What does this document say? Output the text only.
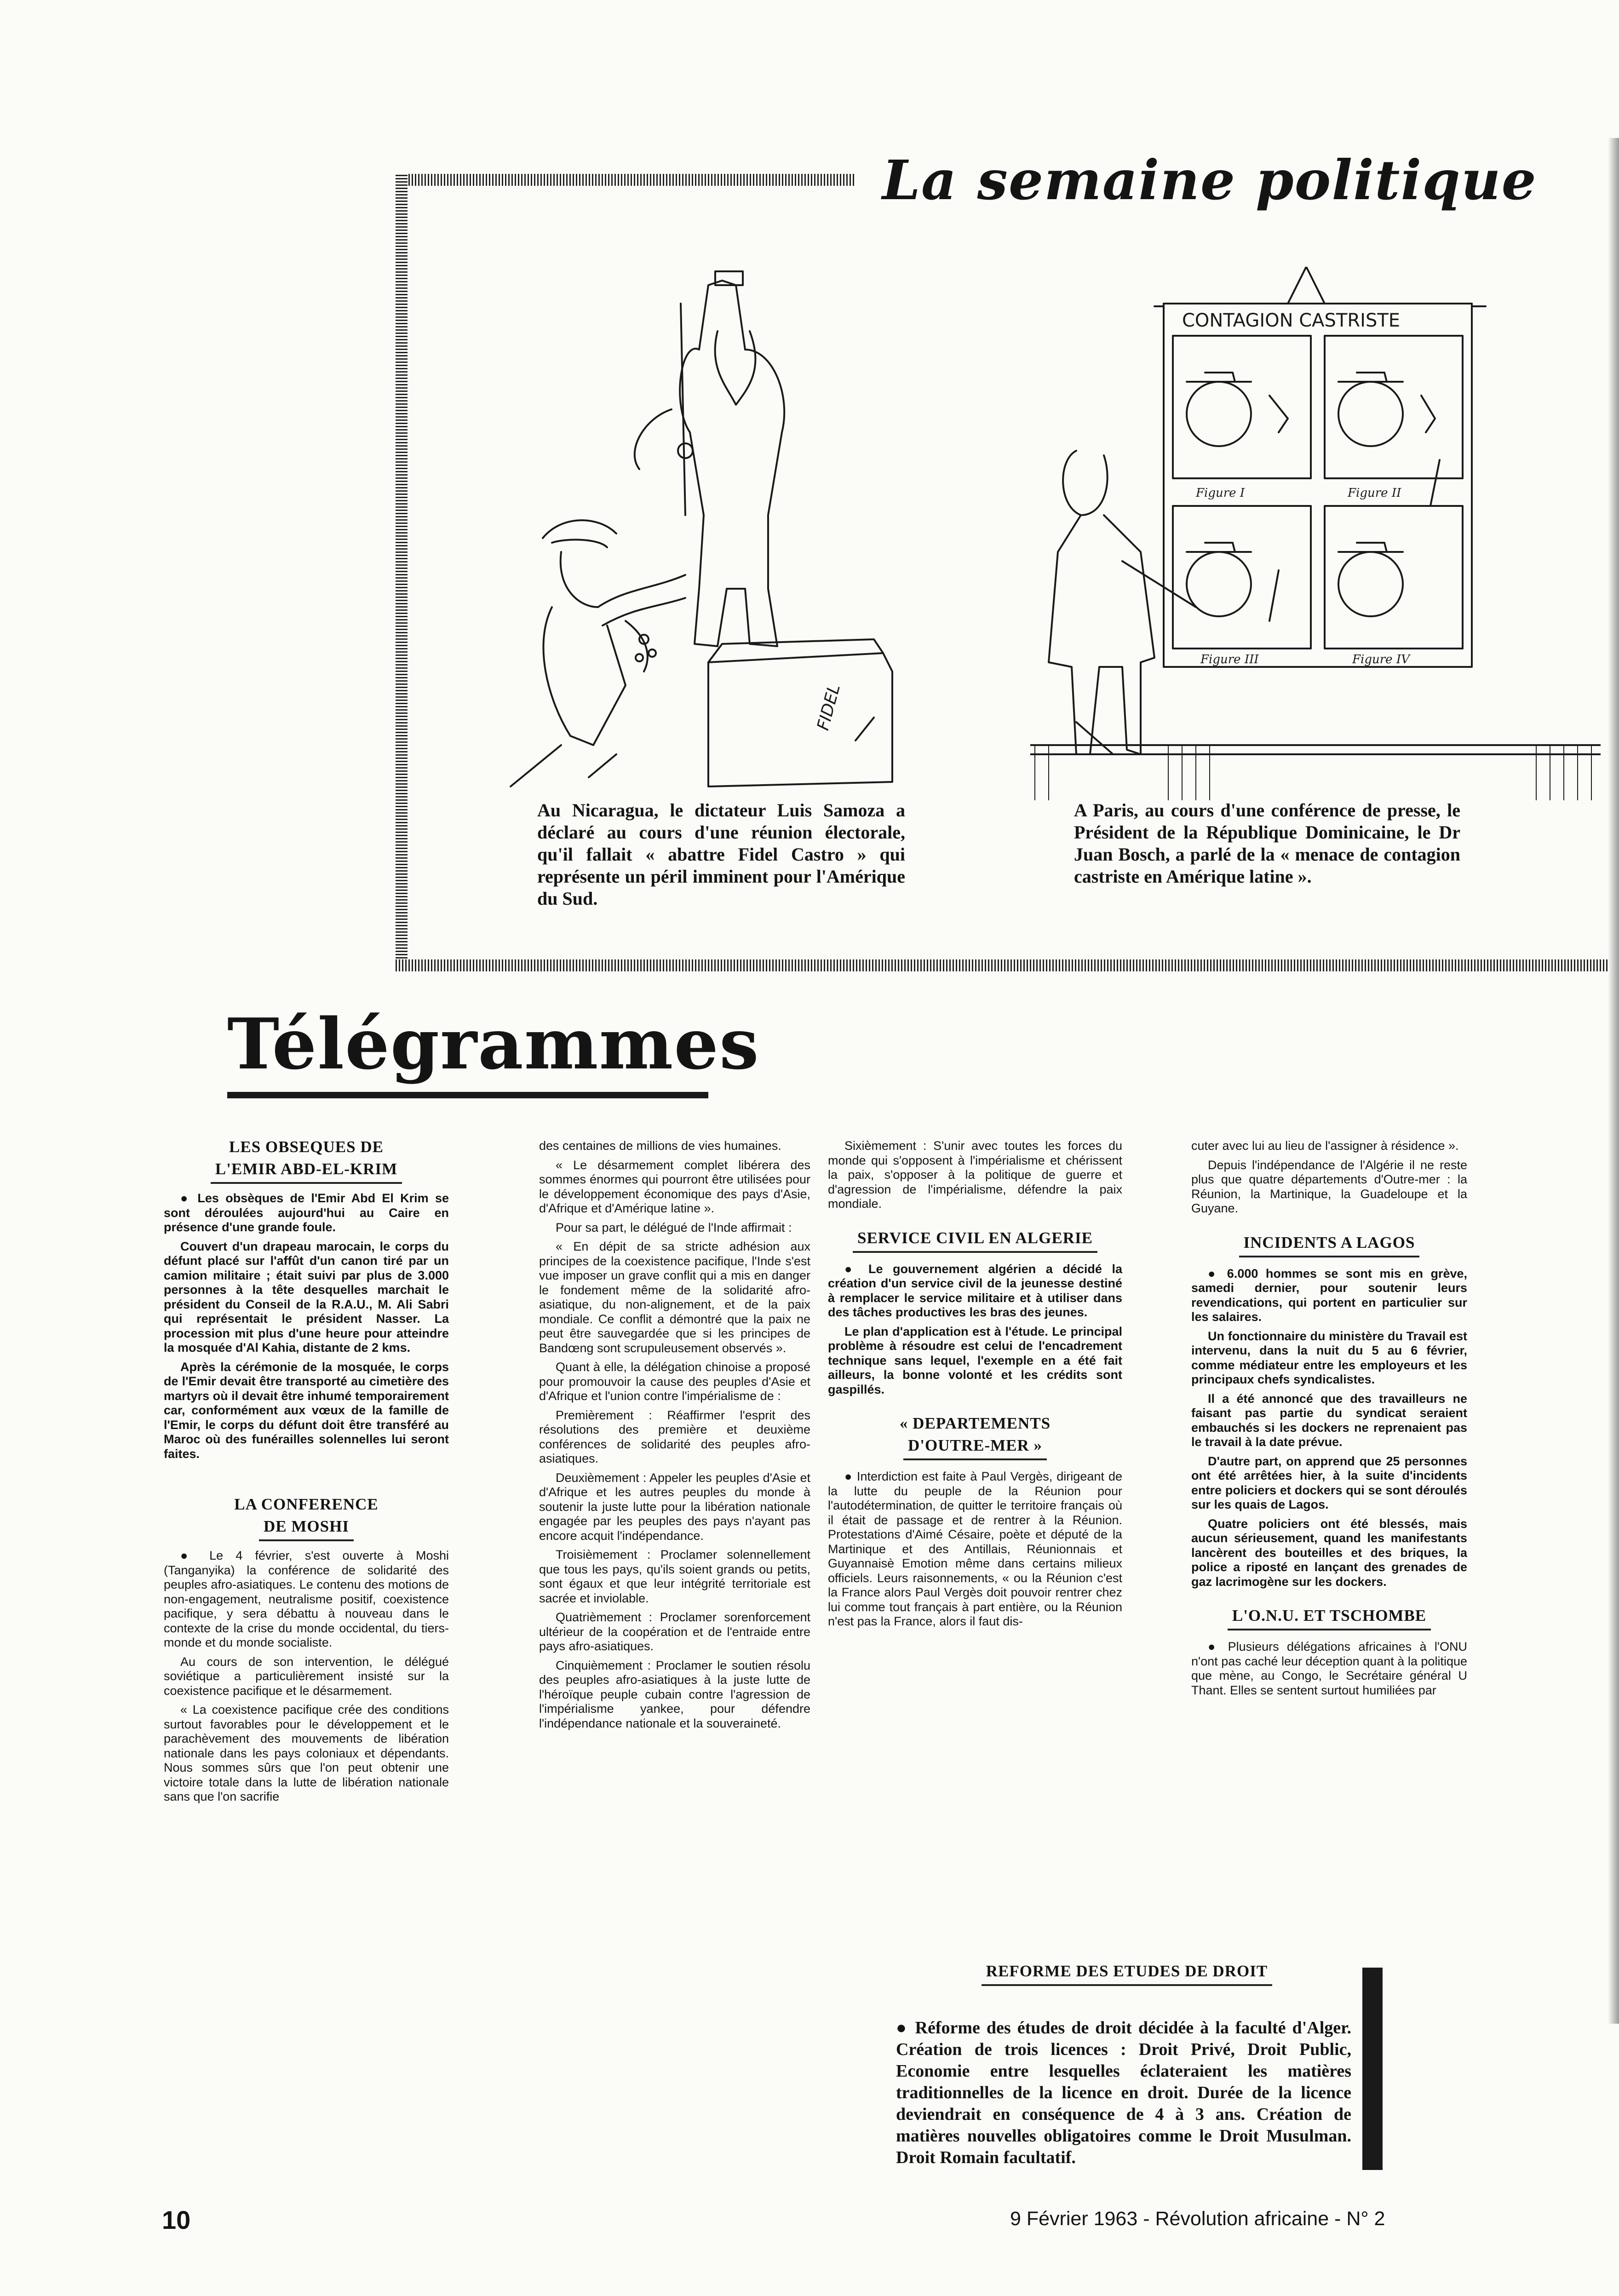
La semaine politique
FIDEL
CONTAGION CASTRISTE
Figure I	Figure II
Figure III	Figure IV
Au Nicaragua, le dictateur Luis Samoza a déclaré au cours d'une réunion électorale, qu'il fallait « abattre Fidel Castro » qui représente un péril imminent pour l'Amérique du Sud.
A Paris, au cours d'une conférence de presse, le Président de la République Dominicaine, le Dr Juan Bosch, a parlé de la « menace de contagion castriste en Amérique latine ».
Télégrammes
LES OBSEQUES DE
L'EMIR ABD-EL-KRIM

● Les obsèques de l'Emir Abd El Krim se sont déroulées aujourd'hui au Caire en présence d'une grande foule.

Couvert d'un drapeau marocain, le corps du défunt placé sur l'affût d'un canon tiré par un camion militaire ; était suivi par plus de 3.000 personnes à la tête desquelles marchait le président du Conseil de la R.A.U., M. Ali Sabri qui représentait le président Nasser. La procession mit plus d'une heure pour atteindre la mosquée d'Al Kahia, distante de 2 kms.

Après la cérémonie de la mosquée, le corps de l'Emir devait être transporté au cimetière des martyrs où il devait être inhumé temporairement car, conformément aux vœux de la famille de l'Emir, le corps du défunt doit être transféré au Maroc où des funérailles solennelles lui seront faites.

LA CONFERENCE
DE MOSHI

● Le 4 février, s'est ouverte à Moshi (Tanganyika) la conférence de solidarité des peuples afro-asiatiques. Le contenu des motions de non-engagement, neutralisme positif, coexistence pacifique, y sera débattu à nouveau dans le contexte de la crise du monde occidental, du tiers-monde et du monde socialiste.

Au cours de son intervention, le délégué soviétique a particulièrement insisté sur la coexistence pacifique et le désarmement.

« La coexistence pacifique crée des conditions surtout favorables pour le développement et le parachèvement des mouvements de libération nationale dans les pays coloniaux et dépendants. Nous sommes sûrs que l'on peut obtenir une victoire totale dans la lutte de libération nationale sans que l'on sacrifie

des centaines de millions de vies humaines.

« Le désarmement complet libérera des sommes énormes qui pourront être utilisées pour le développement économique des pays d'Asie, d'Afrique et d'Amérique latine ».

Pour sa part, le délégué de l'Inde affirmait :

« En dépit de sa stricte adhésion aux principes de la coexistence pacifique, l'Inde s'est vue imposer un grave conflit qui a mis en danger le fondement même de la solidarité afro-asiatique, du non-alignement, et de la paix mondiale. Ce conflit a démontré que la paix ne peut être sauvegardée que si les principes de Bandœng sont scrupuleusement observés ».

Quant à elle, la délégation chinoise a proposé pour promouvoir la cause des peuples d'Asie et d'Afrique et l'union contre l'impérialisme de :

Premièrement : Réaffirmer l'esprit des résolutions des première et deuxième conférences de solidarité des peuples afro-asiatiques.

Deuxièmement : Appeler les peuples d'Asie et d'Afrique et les autres peuples du monde à soutenir la juste lutte pour la libération nationale engagée par les peuples des pays n'ayant pas encore acquit l'indépendance.

Troisièmement : Proclamer solennellement que tous les pays, qu'ils soient grands ou petits, sont égaux et que leur intégrité territoriale est sacrée et inviolable.

Quatrièmement : Proclamer sorenforcement ultérieur de la coopération et de l'entraide entre pays afro-asiatiques.

Cinquièmement : Proclamer le soutien résolu des peuples afro-asiatiques à la juste lutte de l'héroïque peuple cubain contre l'agression de l'impérialisme yankee, pour défendre l'indépendance nationale et la souveraineté.

Sixièmement : S'unir avec toutes les forces du monde qui s'opposent à l'impérialisme et chérissent la paix, s'opposer à la politique de guerre et d'agression de l'impérialisme, défendre la paix mondiale.

SERVICE CIVIL EN ALGERIE

● Le gouvernement algérien a décidé la création d'un service civil de la jeunesse destiné à remplacer le service militaire et à utiliser dans des tâches productives les bras des jeunes.

Le plan d'application est à l'étude. Le principal problème à résoudre est celui de l'encadrement technique sans lequel, l'exemple en a été fait ailleurs, la bonne volonté et les crédits sont gaspillés.

« DEPARTEMENTS
D'OUTRE-MER »

● Interdiction est faite à Paul Vergès, dirigeant de la lutte du peuple de la Réunion pour l'autodétermination, de quitter le territoire français où il était de passage et de rentrer à la Réunion. Protestations d'Aimé Césaire, poète et député de la Martinique et des Antillais, Réunionnais et Guyannaisè Emotion même dans certains milieux officiels. Leurs raisonnements, « ou la Réunion c'est la France alors Paul Vergès doit pouvoir rentrer chez lui comme tout français à part entière, ou la Réunion n'est pas la France, alors il faut dis-

cuter avec lui au lieu de l'assigner à résidence ».

Depuis l'indépendance de l'Algérie il ne reste plus que quatre départements d'Outre-mer : la Réunion, la Martinique, la Guadeloupe et la Guyane.

INCIDENTS A LAGOS

● 6.000 hommes se sont mis en grève, samedi dernier, pour soutenir leurs revendications, qui portent en particulier sur les salaires.

Un fonctionnaire du ministère du Travail est intervenu, dans la nuit du 5 au 6 février, comme médiateur entre les employeurs et les principaux chefs syndicalistes.

Il a été annoncé que des travailleurs ne faisant pas partie du syndicat seraient embauchés si les dockers ne reprenaient pas le travail à la date prévue.

D'autre part, on apprend que 25 personnes ont été arrêtées hier, à la suite d'incidents entre policiers et dockers qui se sont déroulés sur les quais de Lagos.

Quatre policiers ont été blessés, mais aucun sérieusement, quand les manifestants lancèrent des bouteilles et des briques, la police a riposté en lançant des grenades de gaz lacrimogène sur les dockers.

L'O.N.U. ET TSCHOMBE

● Plusieurs délégations africaines à l'ONU n'ont pas caché leur déception quant à la politique que mène, au Congo, le Secrétaire général U Thant. Elles se sentent surtout humiliées par

REFORME DES ETUDES DE DROIT
● Réforme des études de droit décidée à la faculté d'Alger. Création de trois licences : Droit Privé, Droit Public, Economie entre lesquelles éclateraient les matières traditionnelles de la licence en droit. Durée de la licence deviendrait en conséquence de 4 à 3 ans. Création de matières nouvelles obligatoires comme le Droit Musulman. Droit Romain facultatif.
10	9 Février 1963 - Révolution africaine - N° 2
